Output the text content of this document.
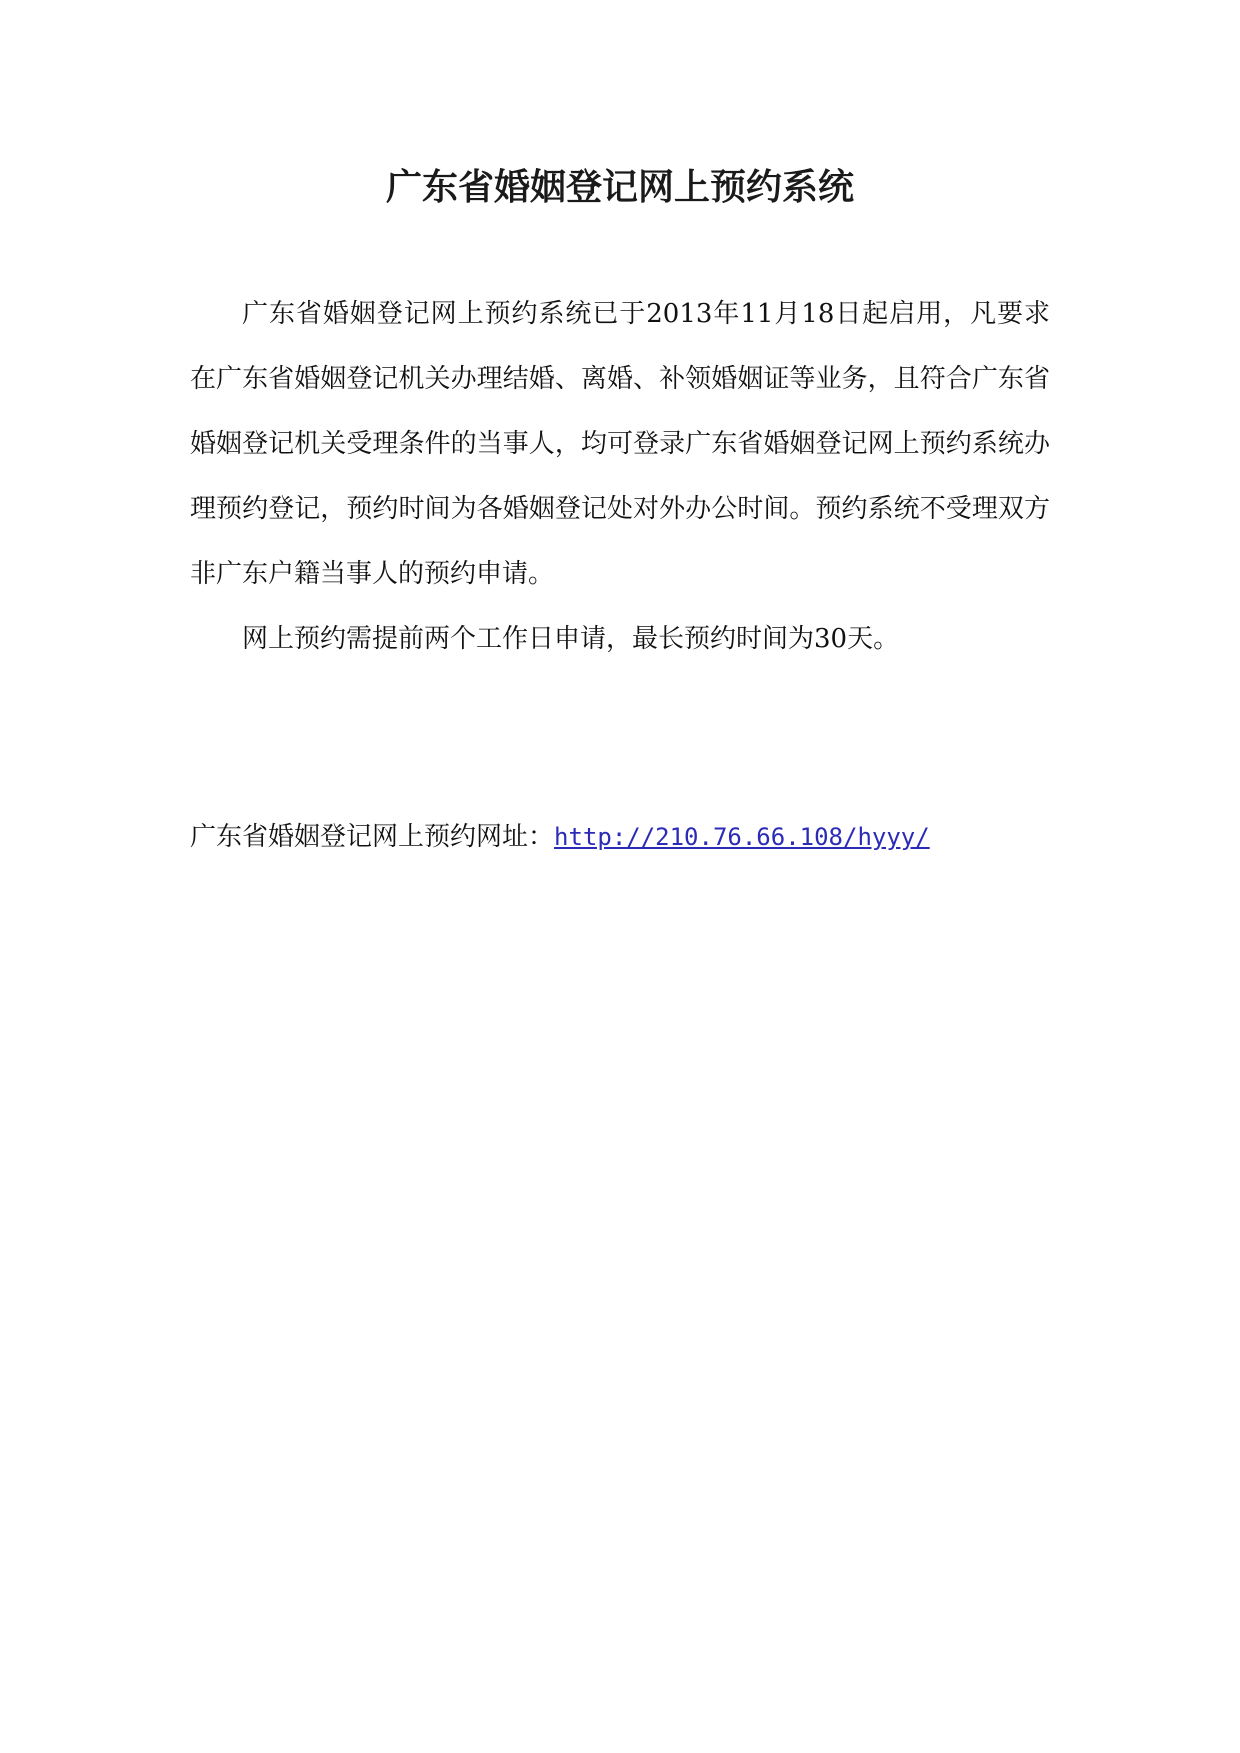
广东省婚姻登记网上预约系统

广东省婚姻登记网上预约系统已于2013年11月18日起启用，凡要求在广东省婚姻登记机关办理结婚、离婚、补领婚姻证等业务，且符合广东省婚姻登记机关受理条件的当事人，均可登录广东省婚姻登记网上预约系统办理预约登记，预约时间为各婚姻登记处对外办公时间。预约系统不受理双方非广东户籍当事人的预约申请。

网上预约需提前两个工作日申请，最长预约时间为30天。

广东省婚姻登记网上预约网址：http://210.76.66.108/hyyy/
